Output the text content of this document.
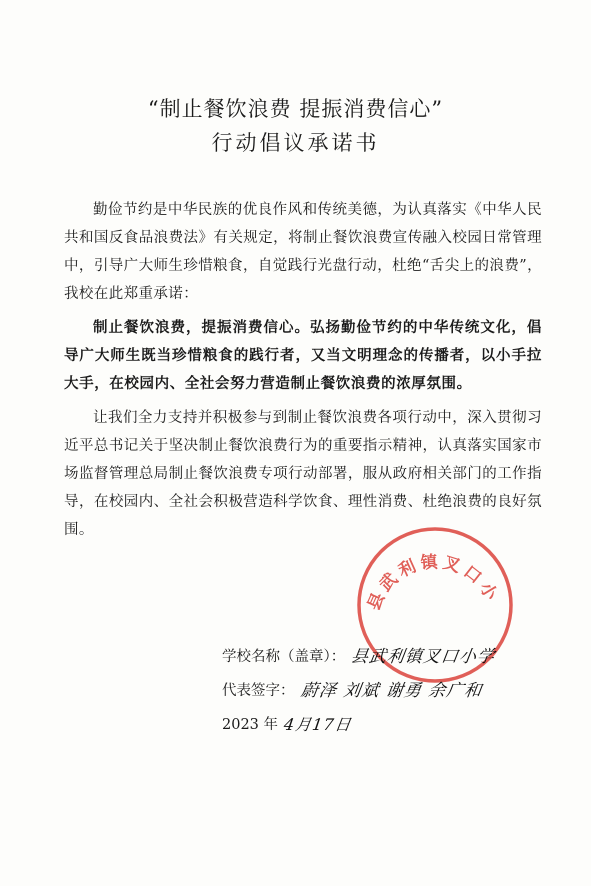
“制止餐饮浪费 提振消费信心”
行动倡议承诺书

勤俭节约是中华民族的优良作风和传统美德，为认真落实《中华人民共和国反食品浪费法》有关规定，将制止餐饮浪费宣传融入校园日常管理中，引导广大师生珍惜粮食，自觉践行光盘行动，杜绝“舌尖上的浪费”，我校在此郑重承诺：

制止餐饮浪费，提振消费信心。弘扬勤俭节约的中华传统文化，倡导广大师生既当珍惜粮食的践行者，又当文明理念的传播者，以小手拉大手，在校园内、全社会努力营造制止餐饮浪费的浓厚氛围。

让我们全力支持并积极参与到制止餐饮浪费各项行动中，深入贯彻习近平总书记关于坚决制止餐饮浪费行为的重要指示精神，认真落实国家市场监督管理总局制止餐饮浪费专项行动部署，服从政府相关部门的工作指导，在校园内、全社会积极营造科学饮食、理性消费、杜绝浪费的良好氛围。

县武利镇叉口小
学校名称（盖章）： 县武利镇叉口小学
代表签字： 蔚泽 刘斌 谢勇 余广和
2023 年 4月17日
